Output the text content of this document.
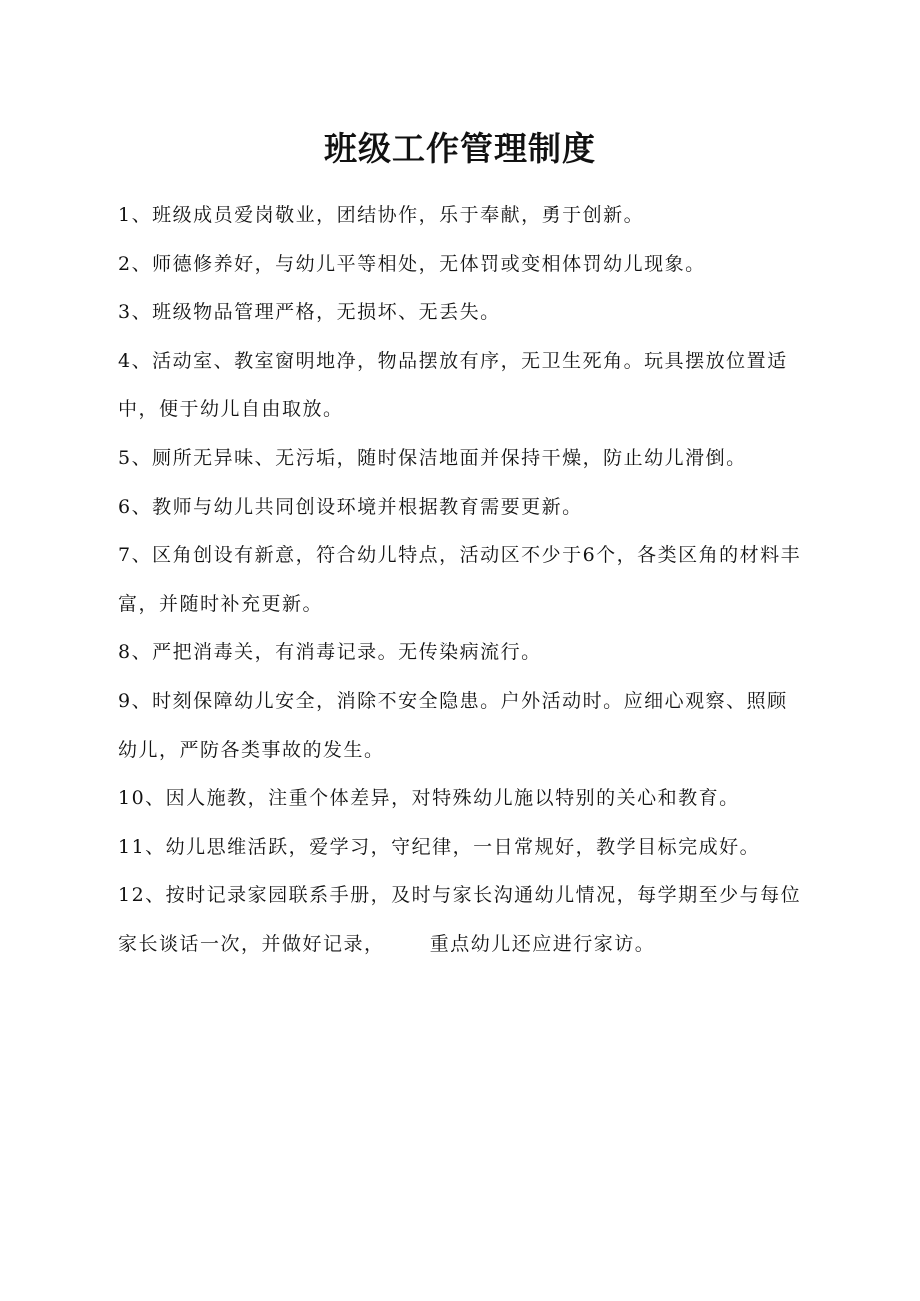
班级工作管理制度
1、班级成员爱岗敬业，团结协作，乐于奉献，勇于创新。
2、师德修养好，与幼儿平等相处，无体罚或变相体罚幼儿现象。
3、班级物品管理严格，无损坏、无丢失。
4、活动室、教室窗明地净，物品摆放有序，无卫生死角。玩具摆放位置适中，便于幼儿自由取放。
5、厕所无异味、无污垢，随时保洁地面并保持干燥，防止幼儿滑倒。
6、教师与幼儿共同创设环境并根据教育需要更新。
7、区角创设有新意，符合幼儿特点，活动区不少于6个，各类区角的材料丰富，并随时补充更新。
8、严把消毒关，有消毒记录。无传染病流行。
9、时刻保障幼儿安全，消除不安全隐患。户外活动时。应细心观察、照顾幼儿，严防各类事故的发生。
10、因人施教，注重个体差异，对特殊幼儿施以特别的关心和教育。
11、幼儿思维活跃，爱学习，守纪律，一日常规好，教学目标完成好。
12、按时记录家园联系手册，及时与家长沟通幼儿情况，每学期至少与每位家长谈话一次，并做好记录，      重点幼儿还应进行家访。
